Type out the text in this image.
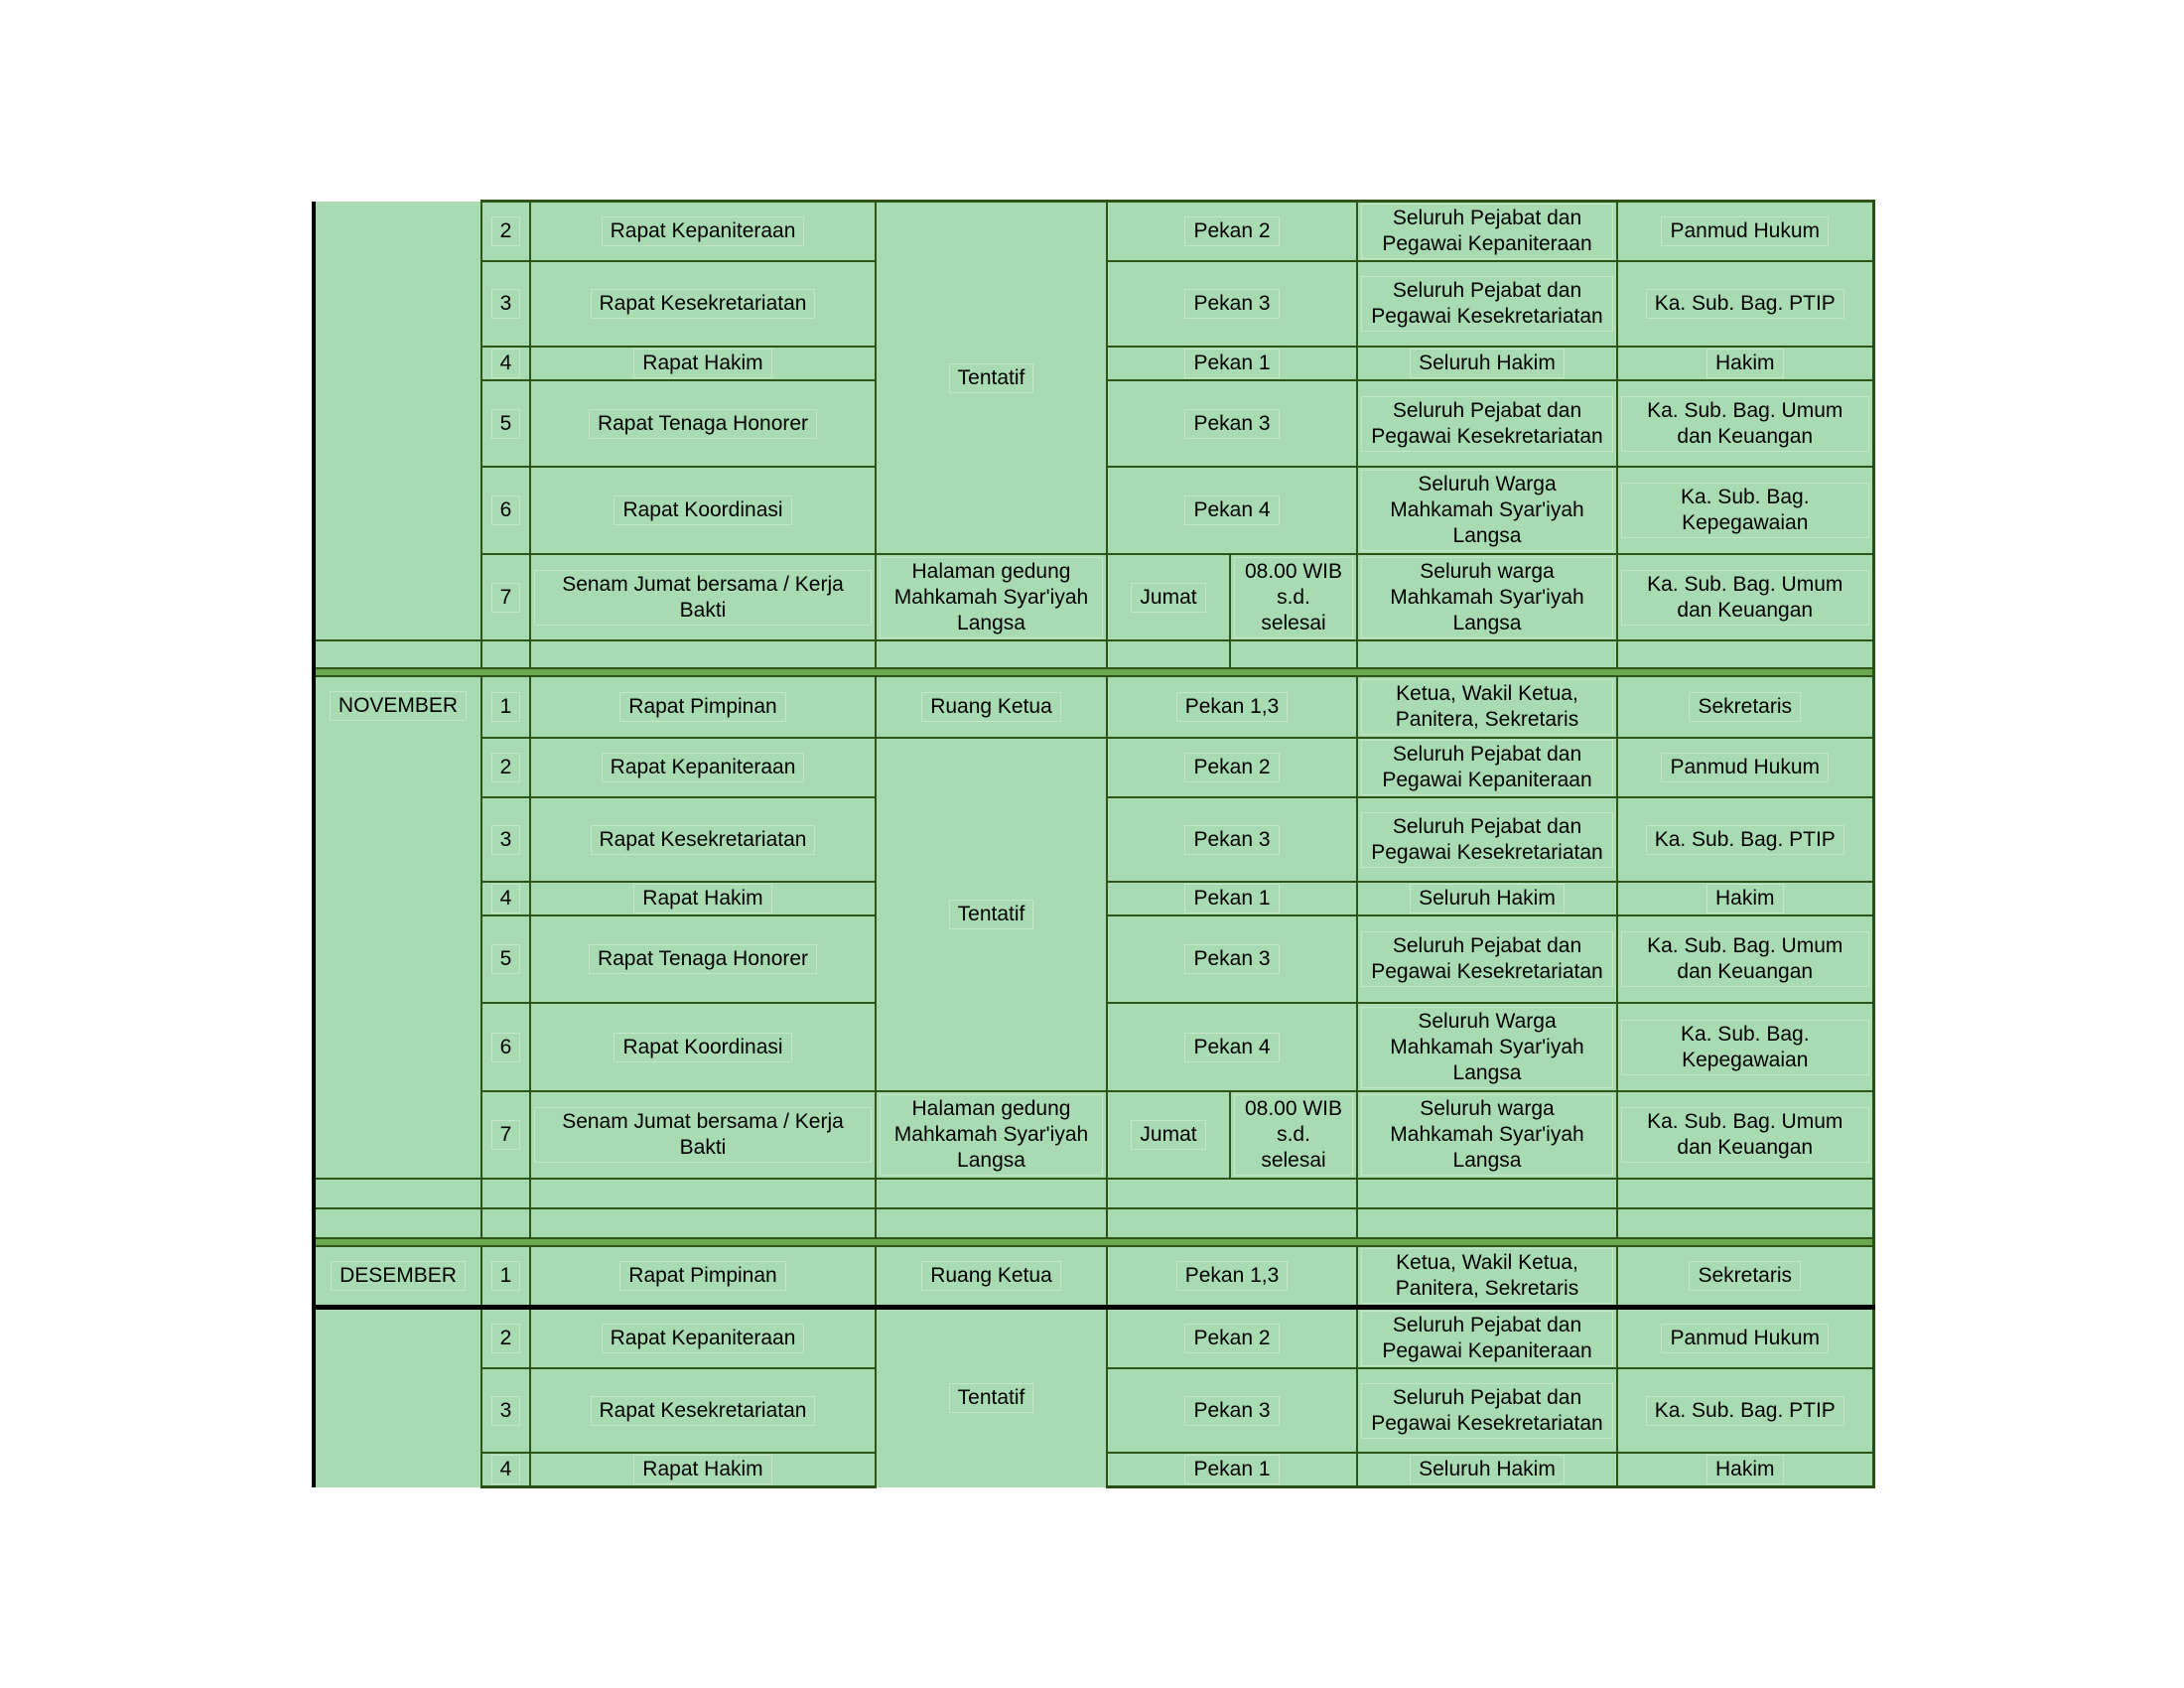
	2	Rapat Kepaniteraan	Tentatif	Pekan 2		Seluruh Pejabat dan Pegawai Kepaniteraan	Panmud Hukum
	3	Rapat Kesekretariatan		Pekan 3		Seluruh Pejabat dan Pegawai Kesekretariatan	Ka. Sub. Bag. PTIP
	4	Rapat Hakim		Pekan 1		Seluruh Hakim	Hakim
	5	Rapat Tenaga Honorer		Pekan 3		Seluruh Pejabat dan Pegawai Kesekretariatan	Ka. Sub. Bag. Umum dan Keuangan
	6	Rapat Koordinasi		Pekan 4		Seluruh Warga Mahkamah Syar'iyah Langsa	Ka. Sub. Bag. Kepegawaian
	7	Senam Jumat bersama / Kerja Bakti	Halaman gedung Mahkamah Syar'iyah Langsa	Jumat	08.00 WIB s.d. selesai	Seluruh warga Mahkamah Syar'iyah Langsa	Ka. Sub. Bag. Umum dan Keuangan

NOVEMBER	1	Rapat Pimpinan	Ruang Ketua	Pekan 1,3		Ketua, Wakil Ketua, Panitera, Sekretaris	Sekretaris
	2	Rapat Kepaniteraan	Tentatif	Pekan 2		Seluruh Pejabat dan Pegawai Kepaniteraan	Panmud Hukum
	3	Rapat Kesekretariatan		Pekan 3		Seluruh Pejabat dan Pegawai Kesekretariatan	Ka. Sub. Bag. PTIP
	4	Rapat Hakim		Pekan 1		Seluruh Hakim	Hakim
	5	Rapat Tenaga Honorer		Pekan 3		Seluruh Pejabat dan Pegawai Kesekretariatan	Ka. Sub. Bag. Umum dan Keuangan
	6	Rapat Koordinasi		Pekan 4		Seluruh Warga Mahkamah Syar'iyah Langsa	Ka. Sub. Bag. Kepegawaian
	7	Senam Jumat bersama / Kerja Bakti	Halaman gedung Mahkamah Syar'iyah Langsa	Jumat	08.00 WIB s.d. selesai	Seluruh warga Mahkamah Syar'iyah Langsa	Ka. Sub. Bag. Umum dan Keuangan

DESEMBER	1	Rapat Pimpinan	Ruang Ketua	Pekan 1,3		Ketua, Wakil Ketua, Panitera, Sekretaris	Sekretaris
	2	Rapat Kepaniteraan	Tentatif	Pekan 2		Seluruh Pejabat dan Pegawai Kepaniteraan	Panmud Hukum
	3	Rapat Kesekretariatan		Pekan 3		Seluruh Pejabat dan Pegawai Kesekretariatan	Ka. Sub. Bag. PTIP
	4	Rapat Hakim		Pekan 1		Seluruh Hakim	Hakim
